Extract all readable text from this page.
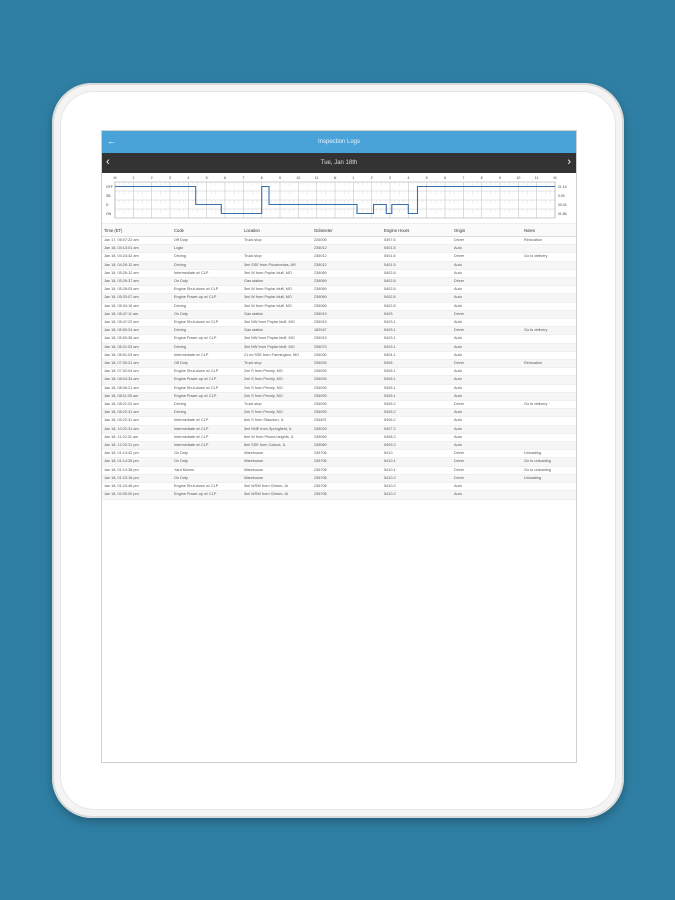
←	Inspection Logs
‹	Tue, Jan 18th	›
M	1	2	3	4	5	6	7	8	9	10	11	N	1	2	3	4	5	6	7	8	9	10	11	M
OFF
SB
D
ON
21:16
0:00
00:43
01:56
Time (ET)	Code	Location	Odometer	Engine Hours	Origin	Notes
Jan 17, 06:07:22 am	Off Duty	Truck stop	226005	5397.6	Driver	Relocation
Jan 18, 04:13:01 am	Login		236012	5401.5	Auto	
Jan 18, 04:24:42 am	Driving	Truck stop	236012	5401.6	Driver	Go to delivery
Jan 18, 04:26:12 am	Driving	3mi SSE from Pocahontas, AR	236012	5401.9	Auto	
Jan 18, 05:26:12 am	Intermediate w/ CLP	3mi W from Poplar bluff, MO	236069	5402.8	Auto	
Jan 18, 05:26:37 am	On Duty	Gas station	236069	5402.8	Driver	
Jan 18, 05:28:03 am	Engine Shut-down w/ CLP	3mi W from Poplar bluff, MO	236069	5402.8	Auto	
Jan 18, 05:33:07 am	Engine Power-up w/ CLP	3mi W from Poplar bluff, MO	236069	5402.8	Auto	
Jan 18, 05:34:16 am	Driving	3mi W from Poplar bluff, MO	236069	5402.8	Auto	
Jan 18, 05:47:11 am	On Duty	Gas station	236019	5403	Driver	
Jan 18, 05:47:22 am	Engine Shut-down w/ CLP	3mi NW from Poplar bluff, MO	236019	5403.1	Auto	
Jan 18, 05:50:24 am	Driving	Gas station	182047	5403.1	Driver	Go to delivery
Jan 18, 05:50:36 am	Engine Power-up w/ CLP	3mi NW from Poplar bluff, MO	236019	5403.1	Auto	
Jan 18, 06:21:03 am	Driving	3mi NW from Poplar bluff, MO	236073	5403.1	Auto	
Jan 18, 06:51:03 am	Intermediate w/ CLP	21 mi SSE from Farmington, MO	236030	5404.1	Auto	
Jan 18, 07:50:21 am	Off Duty	Truck stop	236093	5405	Driver	Relocation
Jan 18, 07:52:04 am	Engine Shut-down w/ CLP	2mi S from Pevely, MO	236093	5405.1	Auto	
Jan 18, 08:04:34 am	Engine Power-up w/ CLP	2mi S from Pevely, MO	236093	5405.1	Auto	
Jan 18, 08:06:21 am	Engine Shut-down w/ CLP	2mi S from Pevely, MO	236093	5405.1	Auto	
Jan 18, 08:11:05 am	Engine Power-up w/ CLP	2mi S from Pevely, MO	236093	5405.1	Auto	
Jan 18, 08:21:02 am	Driving	Truck stop	236093	5405.2	Driver	Go to delivery
Jan 18, 08:22:31 am	Driving	2mi S from Pevely, MO	236093	5405.2	Auto	
Jan 18, 09:22:31 am	Intermediate w/ CLP	6mi S from Staunton, IL	236497	5406.2	Auto	
Jan 18, 10:22:31 am	Intermediate w/ CLP	3mi NNE from Springfield, IL	236029	5407.2	Auto	
Jan 18, 11:22:31 am	Intermediate w/ CLP	6mi W from Peoria heights, IL	236069	5408.2	Auto	
Jan 18, 12:22:31 pm	Intermediate w/ CLP	6mi SSE from Colona, IL	236069	5409.2	Auto	
Jan 18, 01:13:42 pm	On Duty	Warehouse	236706	5410	Driver	Unloading
Jan 18, 01:14:26 pm	On Duty	Warehouse	236706	5410.1	Driver	Go to unloading
Jan 18, 01:14:38 pm	Yard Moves	Warehouse	236706	5410.1	Driver	Go to unloading
Jan 18, 01:23:16 pm	On Duty	Warehouse	236706	5410.2	Driver	Unloading
Jan 18, 01:24:46 pm	Engine Shut-down w/ CLP	3mi WSW from Clinton, IA	236706	5410.2	Auto	
Jan 18, 02:00:00 pm	Engine Power-up w/ CLP	3mi WSW from Clinton, IA	236706	5410.2	Auto	
